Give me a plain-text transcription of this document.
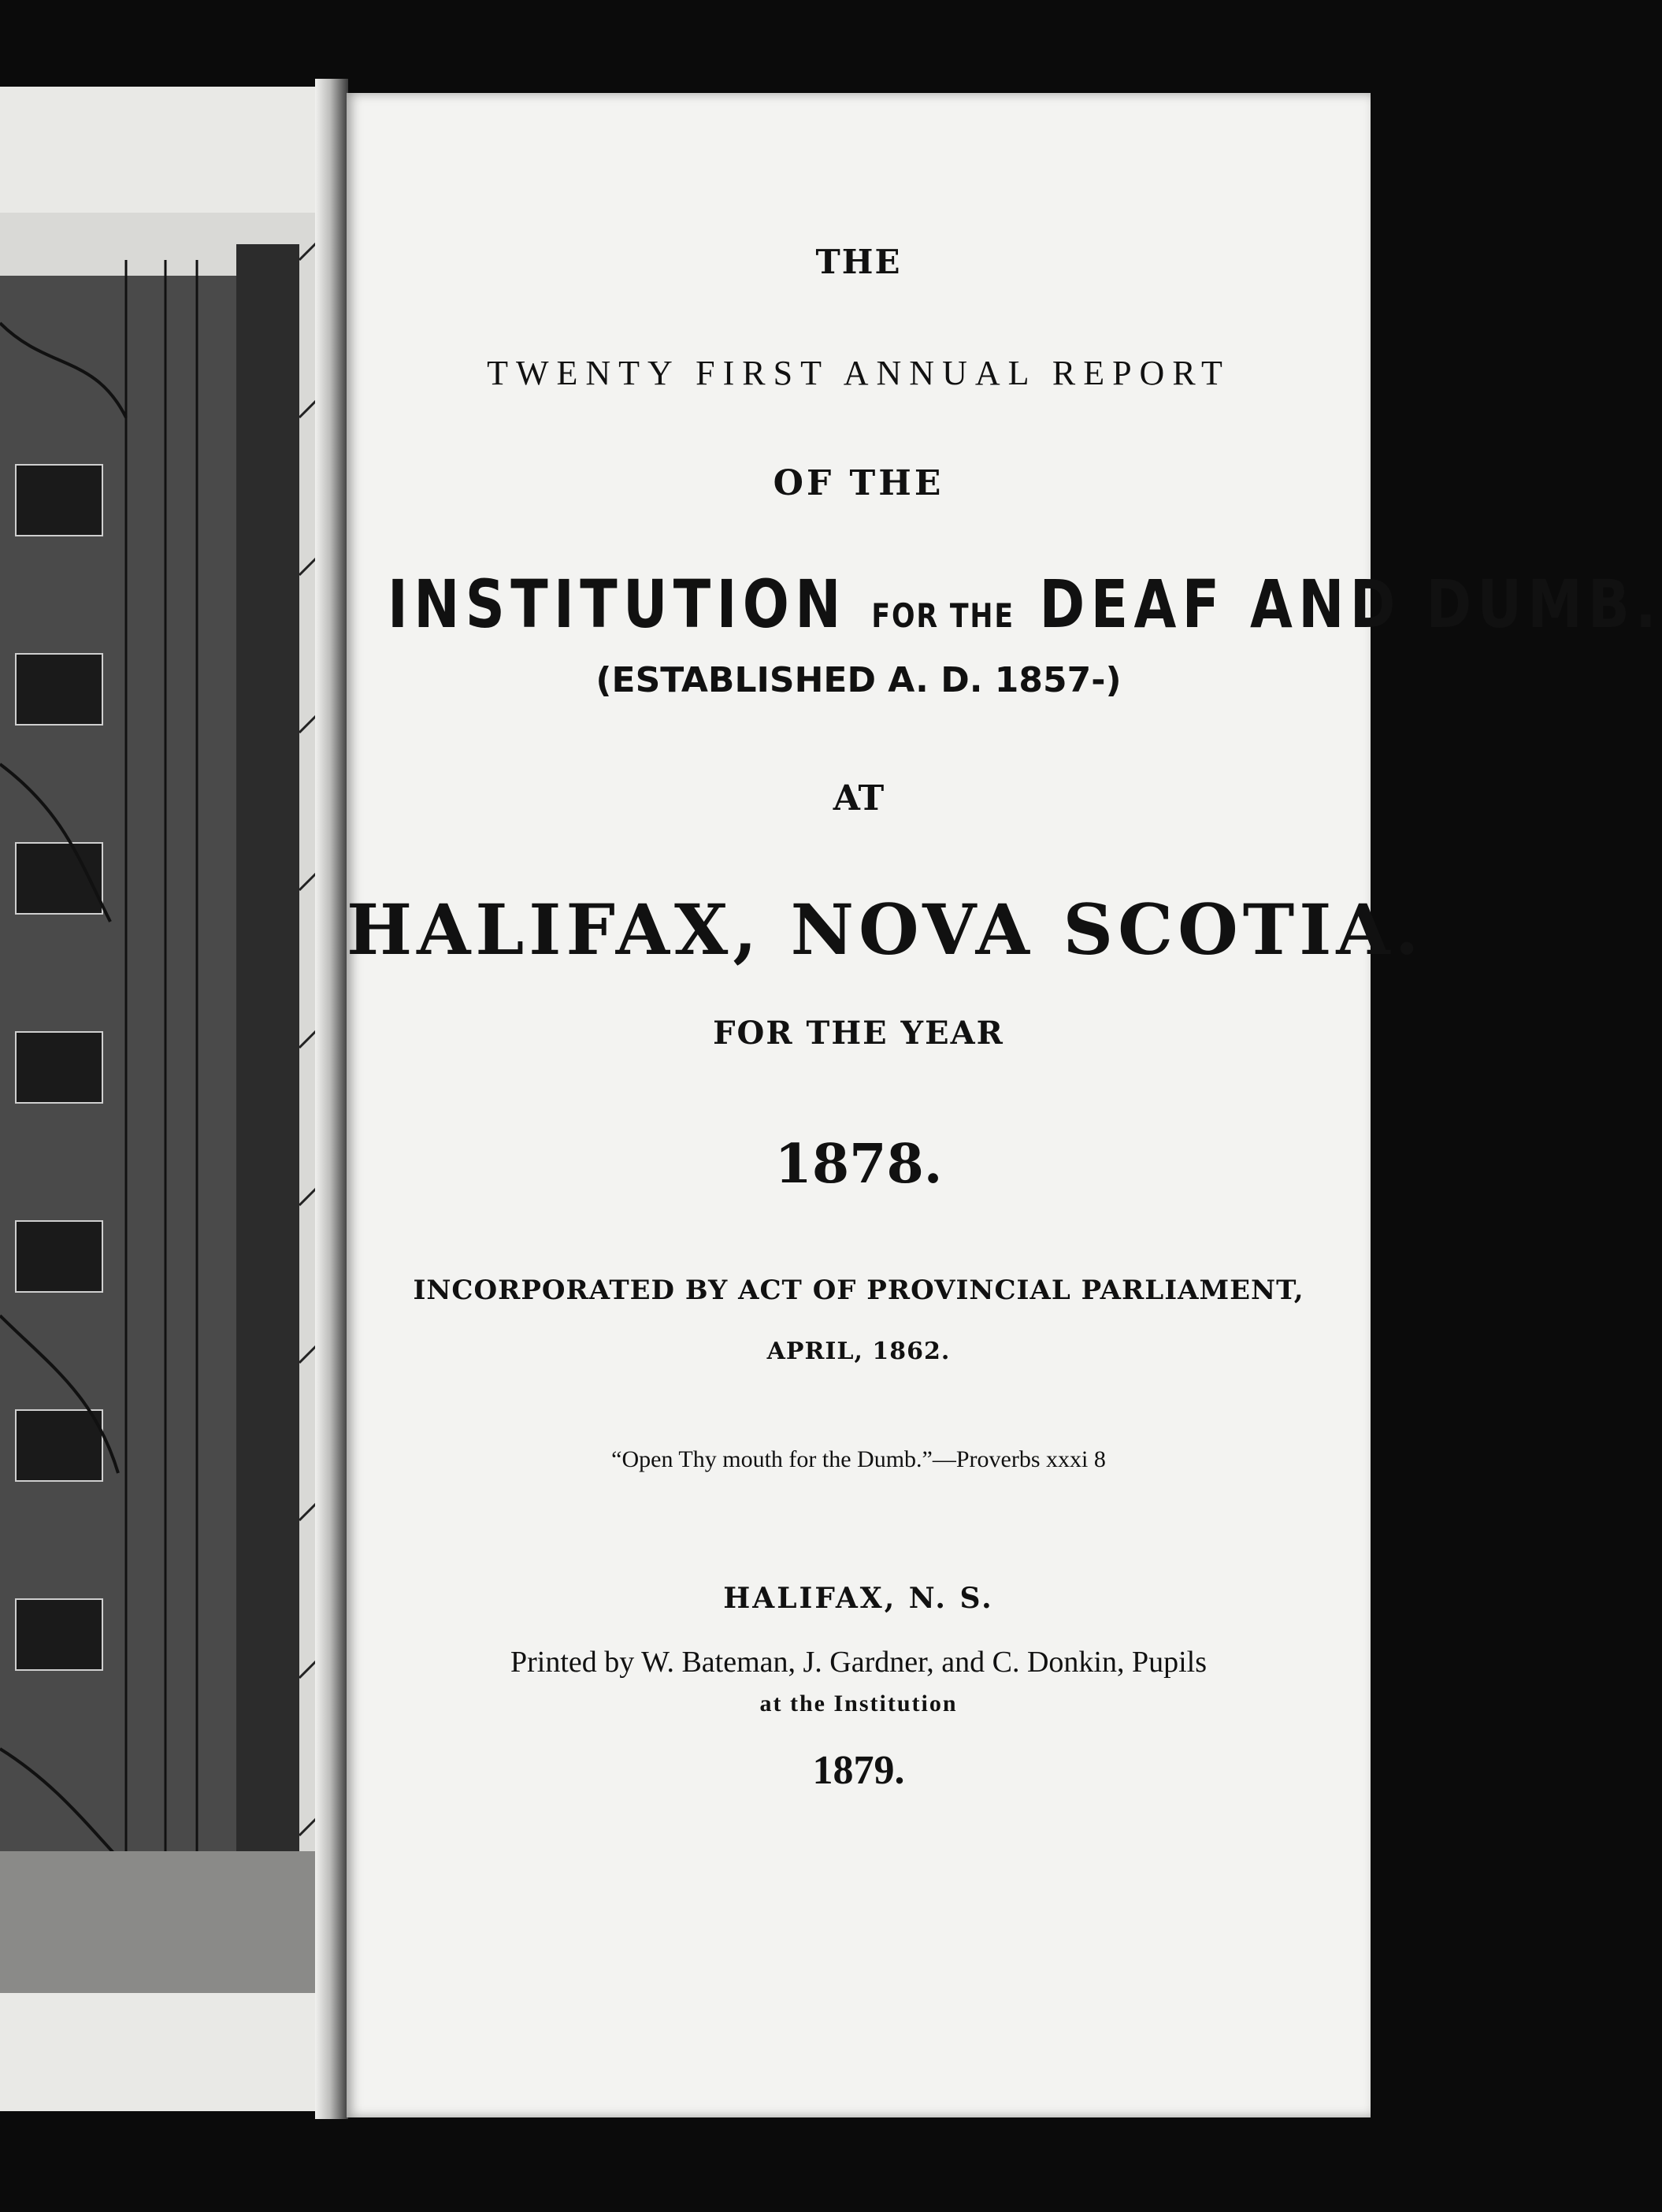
THE
TWENTY FIRST ANNUAL REPORT
OF THE
INSTITUTION FOR THE DEAF AND DUMB.
(ESTABLISHED A. D. 1857-)
AT
HALIFAX, NOVA SCOTIA.
FOR THE YEAR
1878.
INCORPORATED BY ACT OF PROVINCIAL PARLIAMENT,
APRIL, 1862.
“Open Thy mouth for the Dumb.”—Proverbs xxxi 8
HALIFAX, N. S.
Printed by W. Bateman, J. Gardner, and C. Donkin, Pupils
at the Institution
1879.
